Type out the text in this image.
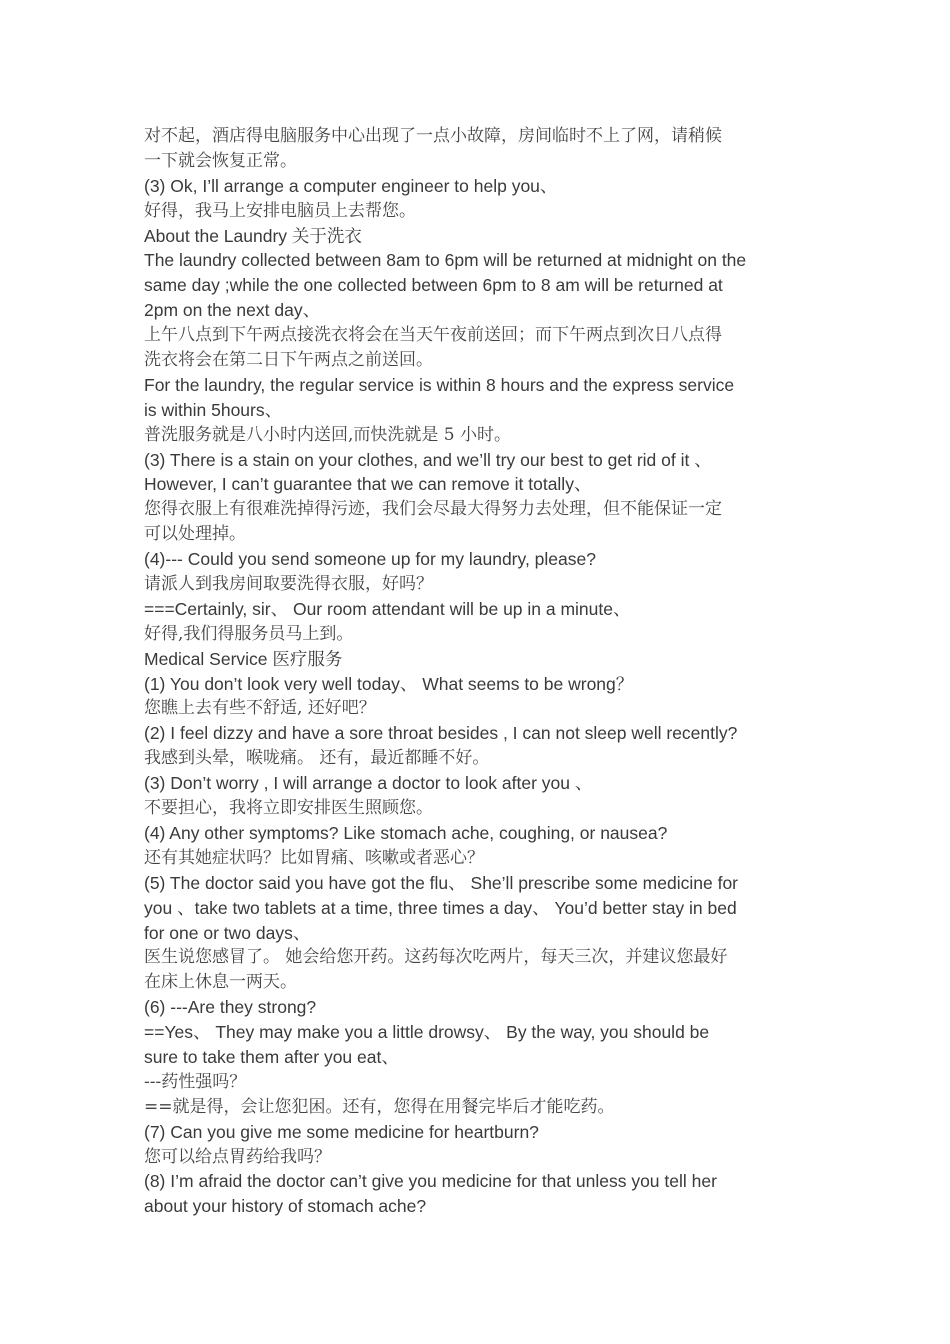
对不起，酒店得电脑服务中心出现了一点小故障，房间临时不上了网，请稍候
一下就会恢复正常。
(3) Ok, I’ll arrange a computer engineer to help you、
好得，我马上安排电脑员上去帮您。
About the Laundry 关于洗衣
The laundry collected between 8am to 6pm will be returned at midnight on the
same day ;while the one collected between 6pm to 8 am will be returned at
2pm on the next day、
上午八点到下午两点接洗衣将会在当天午夜前送回；而下午两点到次日八点得
洗衣将会在第二日下午两点之前送回。
For the laundry, the regular service is within 8 hours and the express service
is within 5hours、
普洗服务就是八小时内送回,而快洗就是 5 小时。
(3) There is a stain on your clothes, and we’ll try our best to get rid of it 、
However, I can’t guarantee that we can remove it totally、
您得衣服上有很难洗掉得污迹，我们会尽最大得努力去处理，但不能保证一定
可以处理掉。
(4)--- Could you send someone up for my laundry, please?
请派人到我房间取要洗得衣服，好吗？
===Certainly, sir、 Our room attendant will be up in a minute、
好得,我们得服务员马上到。
Medical Service 医疗服务
(1) You don’t look very well today、 What seems to be wrong？
您瞧上去有些不舒适, 还好吧？
(2) I feel dizzy and have a sore throat besides , I can not sleep well recently?
我感到头晕，喉咙痛。 还有，最近都睡不好。
(3) Don’t worry , I will arrange a doctor to look after you 、
不要担心，我将立即安排医生照顾您。
(4) Any other symptoms? Like stomach ache, coughing, or nausea?
还有其她症状吗？比如胃痛、咳嗽或者恶心？
(5) The doctor said you have got the flu、 She’ll prescribe some medicine for
you 、take two tablets at a time, three times a day、 You’d better stay in bed
for one or two days、
医生说您感冒了。 她会给您开药。这药每次吃两片，每天三次，并建议您最好
在床上休息一两天。
(6) ---Are they strong?
==Yes、 They may make you a little drowsy、 By the way, you should be
sure to take them after you eat、
---药性强吗？
==就是得，会让您犯困。还有，您得在用餐完毕后才能吃药。
(7) Can you give me some medicine for heartburn?
您可以给点胃药给我吗？
(8) I’m afraid the doctor can’t give you medicine for that unless you tell her
about your history of stomach ache?
